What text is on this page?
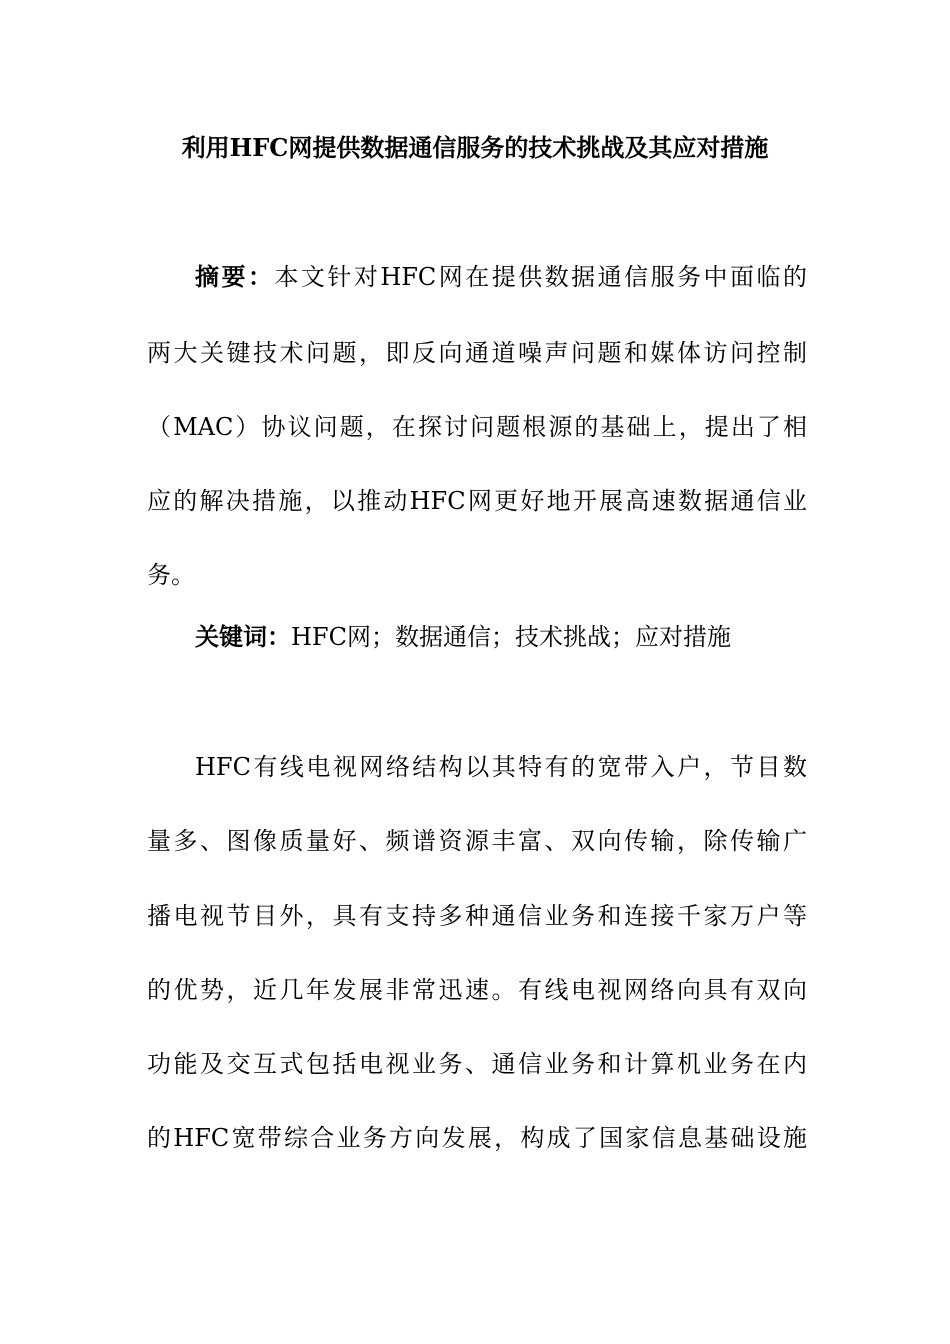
利用HFC网提供数据通信服务的技术挑战及其应对措施
摘要：本文针对HFC网在提供数据通信服务中面临的
两大关键技术问题，即反向通道噪声问题和媒体访问控制
（MAC）协议问题，在探讨问题根源的基础上，提出了相
应的解决措施，以推动HFC网更好地开展高速数据通信业
务。
关键词：HFC网；数据通信；技术挑战；应对措施
HFC有线电视网络结构以其特有的宽带入户，节目数
量多、图像质量好、频谱资源丰富、双向传输，除传输广
播电视节目外，具有支持多种通信业务和连接千家万户等
的优势，近几年发展非常迅速。有线电视网络向具有双向
功能及交互式包括电视业务、通信业务和计算机业务在内
的HFC宽带综合业务方向发展，构成了国家信息基础设施
